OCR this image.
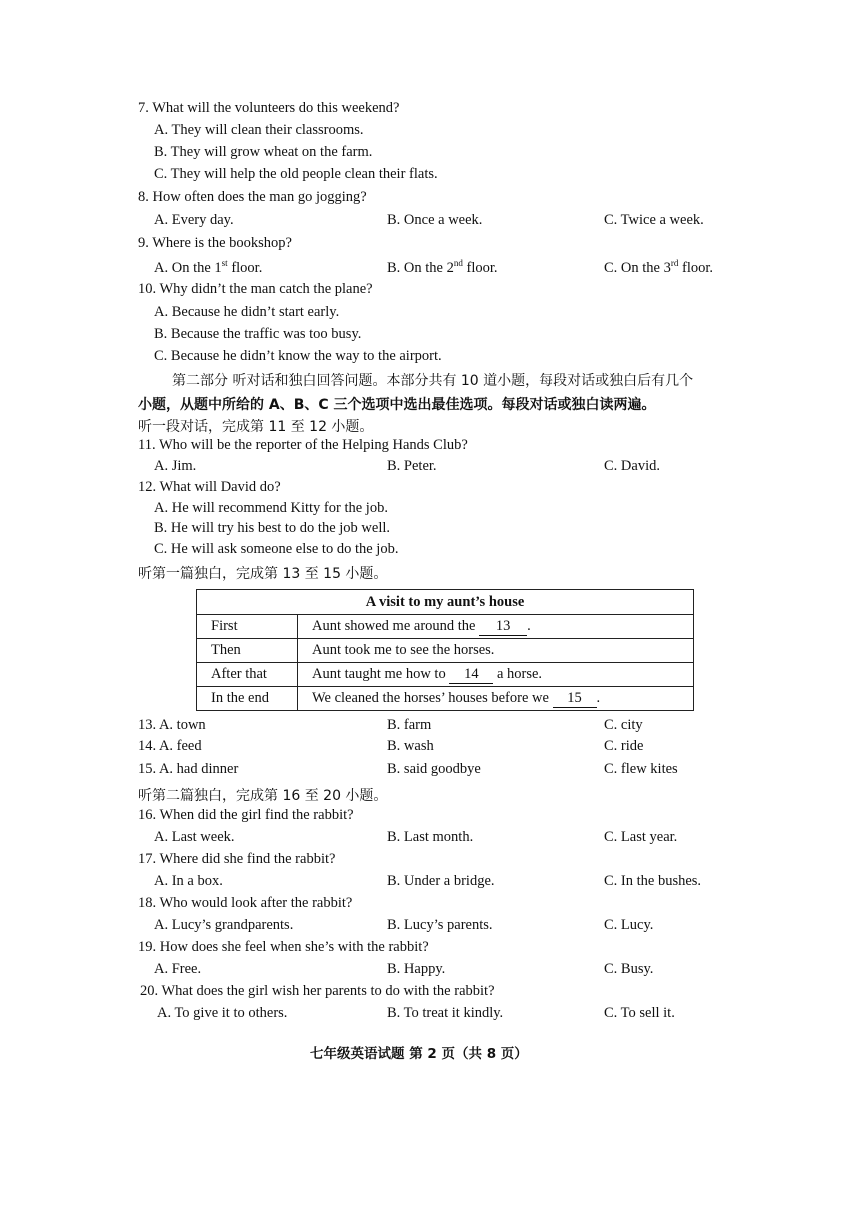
7. What will the volunteers do this weekend?
A. They will clean their classrooms.
B. They will grow wheat on the farm.
C. They will help the old people clean their flats.
8. How often does the man go jogging?
A. Every day.	B. Once a week.	C. Twice a week.
9. Where is the bookshop?
A. On the 1st floor.	B. On the 2nd floor.	C. On the 3rd floor.
10. Why didn’t the man catch the plane?
A. Because he didn’t start early.
B. Because the traffic was too busy.
C. Because he didn’t know the way to the airport.
第二部分 听对话和独白回答问题。本部分共有 10 道小题，每段对话或独白后有几个
小题，从题中所给的 A、B、C 三个选项中选出最佳选项。每段对话或独白读两遍。
听一段对话，完成第 11 至 12 小题。
11. Who will be the reporter of the Helping Hands Club?
A. Jim.	B. Peter.	C. David.
12. What will David do?
A. He will recommend Kitty for the job.
B. He will try his best to do the job well.
C. He will ask someone else to do the job.
听第一篇独白，完成第 13 至 15 小题。
A visit to my aunt’s house	
First	Aunt showed me around the 13 .
Then	Aunt took me to see the horses.
After that	Aunt taught me how to 14 a horse.
In the end	We cleaned the horses’ houses before we 15 .
13. A. town	B. farm	C. city
14. A. feed	B. wash	C. ride
15. A. had dinner	B. said goodbye	C. flew kites
听第二篇独白，完成第 16 至 20 小题。
16. When did the girl find the rabbit?
A. Last week.	B. Last month.	C. Last year.
17. Where did she find the rabbit?
A. In a box.	B. Under a bridge.	C. In the bushes.
18. Who would look after the rabbit?
A. Lucy’s grandparents.	B. Lucy’s parents.	C. Lucy.
19. How does she feel when she’s with the rabbit?
A. Free.	B. Happy.	C. Busy.
20. What does the girl wish her parents to do with the rabbit?
A. To give it to others.	B. To treat it kindly.	C. To sell it.
七年级英语试题 第 2 页（共 8 页）
